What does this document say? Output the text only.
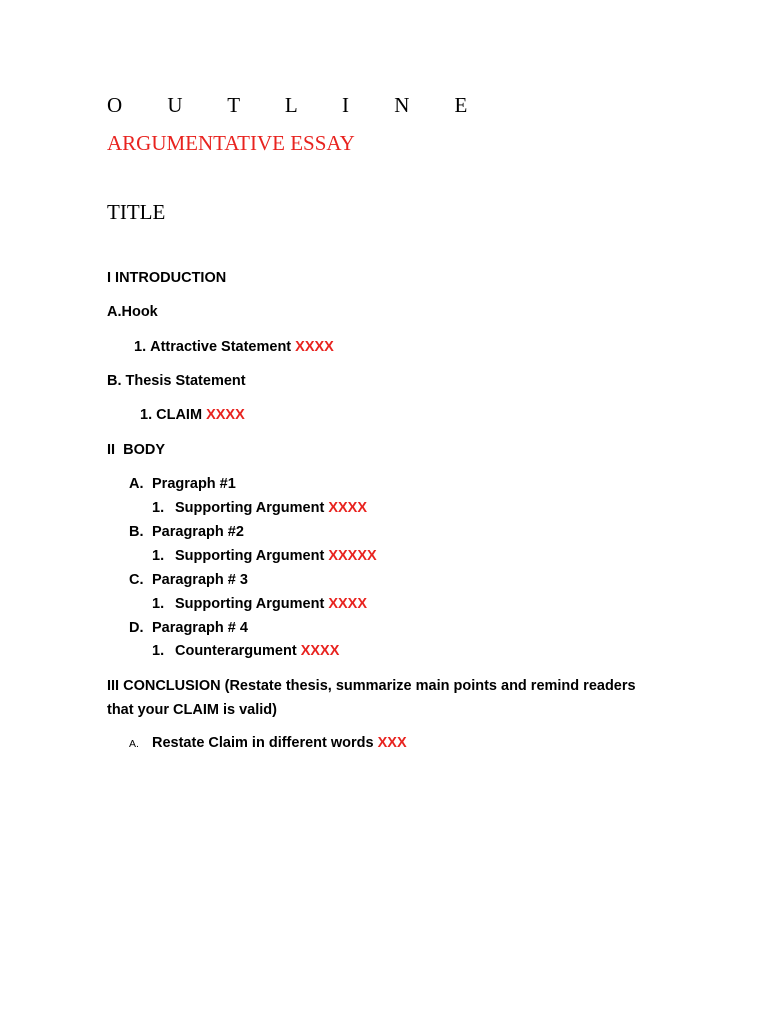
O U T L I N E
ARGUMENTATIVE ESSAY
TITLE
I INTRODUCTION
A.Hook
1.
Attractive Statement
XXXX
B. Thesis Statement
1.
CLAIM
XXXX
II  BODY
A. Pragraph #1
1. Supporting Argument
XXXX
B. Paragraph #2
1. Supporting Argument
XXXXX
C. Paragraph # 3
1. Supporting Argument
XXXX
D. Paragraph # 4
1. Counterargument
XXXX
III CONCLUSION (Restate thesis, summarize main points and remind readers
that your CLAIM is valid)
A. Restate Claim in different words
XXX
